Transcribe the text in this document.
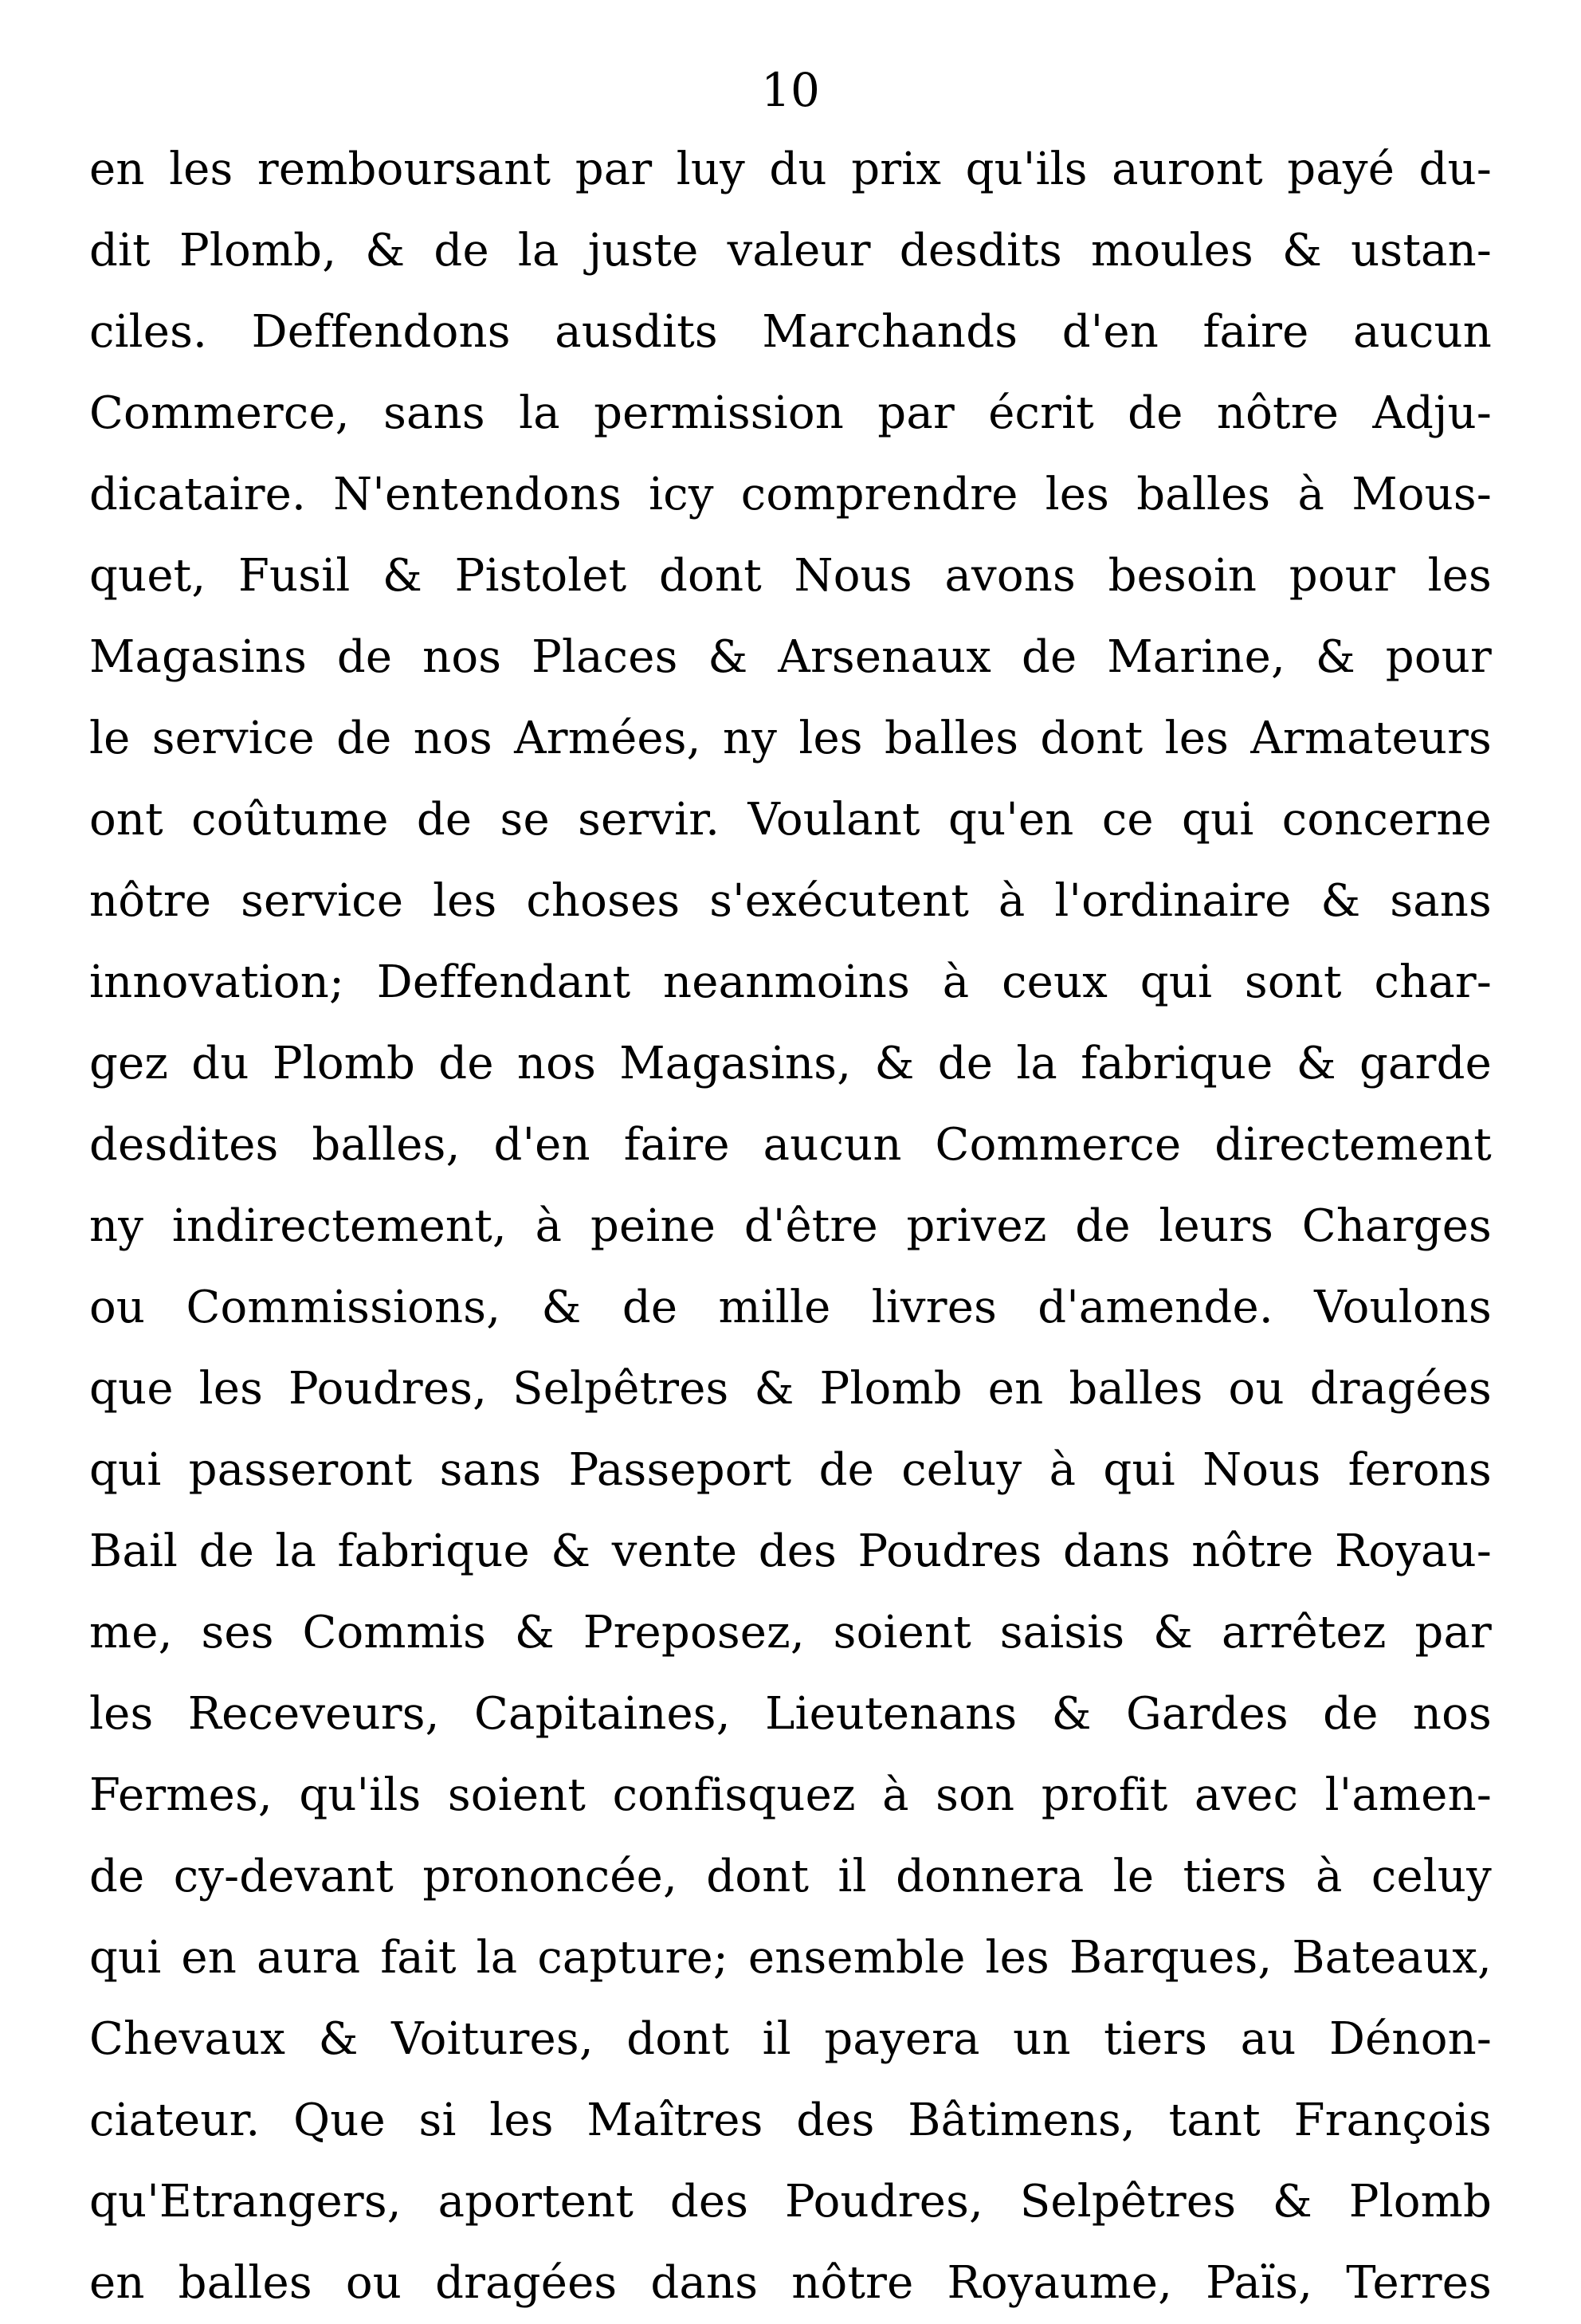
10
en les remboursant par luy du prix qu'ils auront payé du-
dit Plomb, & de la juste valeur desdits moules & ustan-
ciles. Deffendons ausdits Marchands d'en faire aucun
Commerce, sans la permission par écrit de nôtre Adju-
dicataire. N'entendons icy comprendre les balles à Mous-
quet, Fusil & Pistolet dont Nous avons besoin pour les
Magasins de nos Places & Arsenaux de Marine, & pour
le service de nos Armées, ny les balles dont les Armateurs
ont coûtume de se servir. Voulant qu'en ce qui concerne
nôtre service les choses s'exécutent à l'ordinaire & sans
innovation; Deffendant neanmoins à ceux qui sont char-
gez du Plomb de nos Magasins, & de la fabrique & garde
desdites balles, d'en faire aucun Commerce directement
ny indirectement, à peine d'être privez de leurs Charges
ou Commissions, & de mille livres d'amende. Voulons
que les Poudres, Selpêtres & Plomb en balles ou dragées
qui passeront sans Passeport de celuy à qui Nous ferons
Bail de la fabrique & vente des Poudres dans nôtre Royau-
me, ses Commis & Preposez, soient saisis & arrêtez par
les Receveurs, Capitaines, Lieutenans & Gardes de nos
Fermes, qu'ils soient confisquez à son profit avec l'amen-
de cy-devant prononcée, dont il donnera le tiers à celuy
qui en aura fait la capture; ensemble les Barques, Bateaux,
Chevaux & Voitures, dont il payera un tiers au Dénon-
ciateur. Que si les Maîtres des Bâtimens, tant François
qu'Etrangers, aportent des Poudres, Selpêtres & Plomb
en balles ou dragées dans nôtre Royaume, Païs, Terres
